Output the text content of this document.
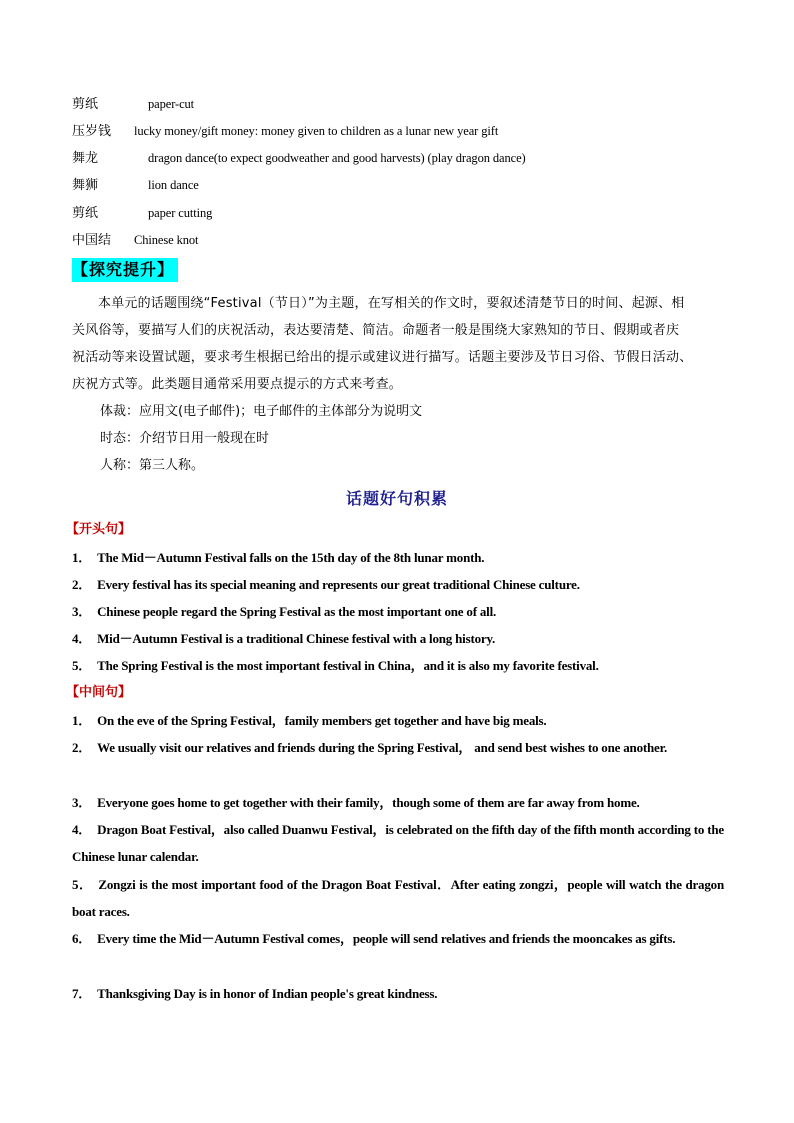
剪纸	paper-cut
压岁钱 lucky money/gift money: money given to children as a lunar new year gift
舞龙	dragon dance(to expect goodweather and good harvests) (play dragon dance)
舞狮	lion dance
剪纸	paper cutting
中国结 Chinese knot
【探究提升】
本单元的话题围绕“Festival（节日）”为主题，在写相关的作文时，要叙述清楚节日的时间、起源、相
关风俗等，要描写人们的庆祝活动，表达要清楚、简洁。命题者一般是围绕大家熟知的节日、假期或者庆
祝活动等来设置试题，要求考生根据已给出的提示或建议进行描写。话题主要涉及节日习俗、节假日活动、
庆祝方式等。此类题目通常采用要点提示的方式来考查。
体裁：应用文(电子邮件)；电子邮件的主体部分为说明文
时态：介绍节日用一般现在时
人称：第三人称。
话题好句积累
【开头句】
1． The Mid－Autumn Festival falls on the 15th day of the 8th lunar month.
2． Every festival has its special meaning and represents our great traditional Chinese culture.
3． Chinese people regard the Spring Festival as the most important one of all.
4． Mid－Autumn Festival is a traditional Chinese festival with a long history.
5． The Spring Festival is the most important festival in China，and it is also my favorite festival.
【中间句】
1． On the eve of the Spring Festival，family members get together and have big meals.
2． We usually visit our relatives and friends during the Spring Festival， and send best wishes to one another.
3． Everyone goes home to get together with their family，though some of them are far away from home.
4． Dragon Boat Festival，also called Duanwu Festival，is celebrated on the fifth day of the fifth month according to the Chinese lunar calendar.
5． Zongzi is the most important food of the Dragon Boat Festival．After eating zongzi，people will watch the dragon boat races.
6． Every time the Mid－Autumn Festival comes，people will send relatives and friends the mooncakes as gifts.
7． Thanksgiving Day is in honor of Indian people's great kindness.
